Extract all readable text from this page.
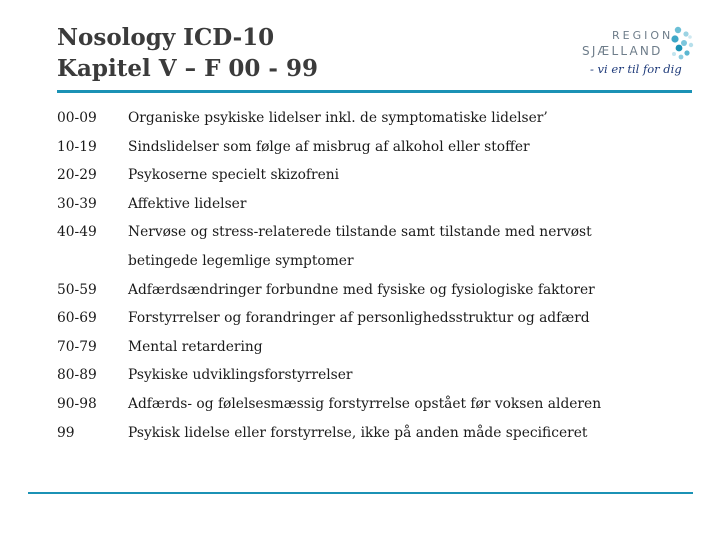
Nosology ICD-10
Kapitel V – F 00 - 99
REGION
SJÆLLAND
- vi er til for dig
00-09	Organiske psykiske lidelser inkl. de symptomatiske lidelser’
10-19	Sindslidelser som følge af misbrug af alkohol eller stoffer
20-29	Psykoserne specielt skizofreni
30-39	Affektive lidelser
40-49	Nervøse og stress-relaterede tilstande samt tilstande med nervøst
betingede legemlige symptomer
50-59	Adfærdsændringer forbundne med fysiske og fysiologiske faktorer
60-69	Forstyrrelser og forandringer af personlighedsstruktur og adfærd
70-79	Mental retardering
80-89	Psykiske udviklingsforstyrrelser
90-98	Adfærds- og følelsesmæssig forstyrrelse opstået før voksen alderen
99	Psykisk lidelse eller forstyrrelse, ikke på anden måde specificeret
